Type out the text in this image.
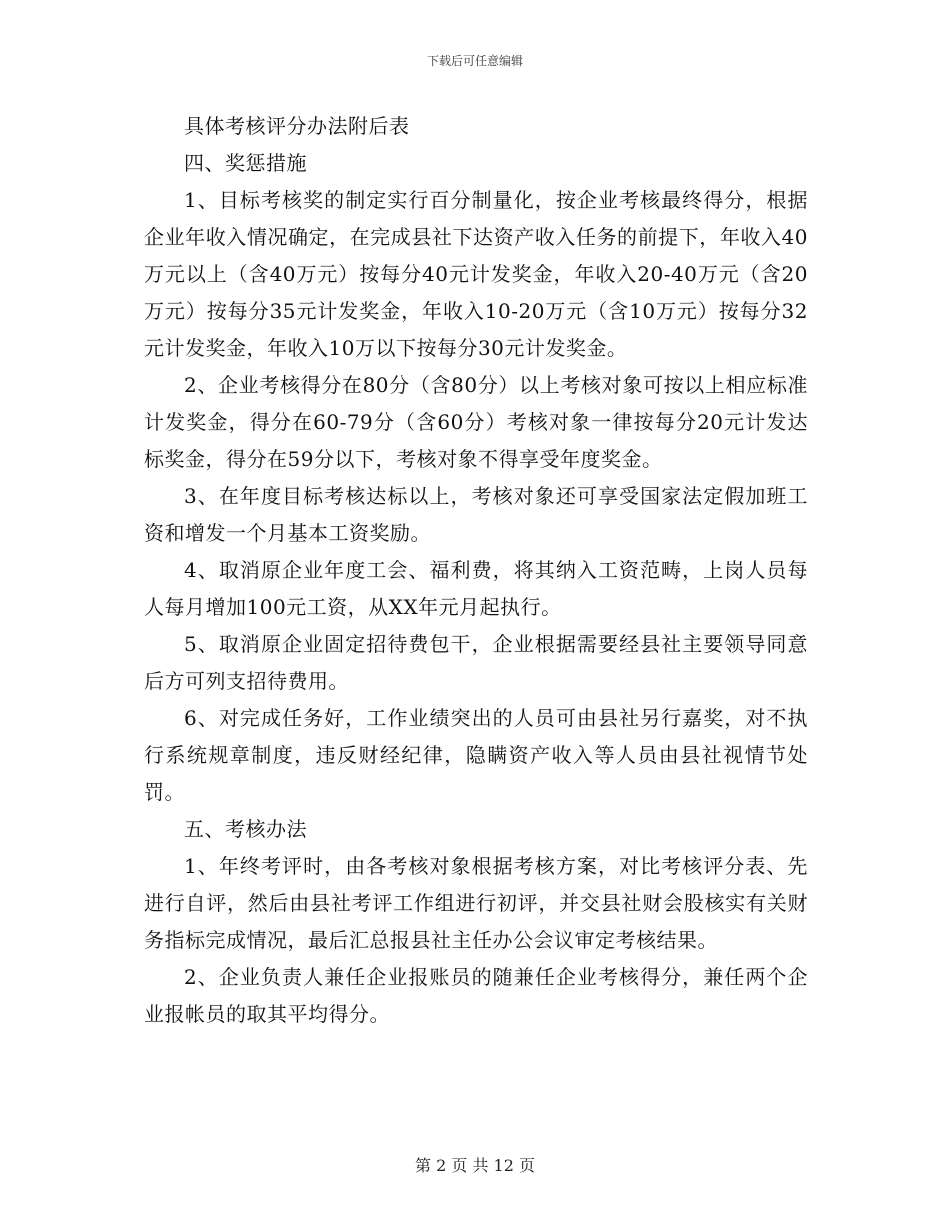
下载后可任意编辑

具体考核评分办法附后表

四、奖惩措施

1、目标考核奖的制定实行百分制量化，按企业考核最终得分，根据企业年收入情况确定，在完成县社下达资产收入任务的前提下，年收入40万元以上（含40万元）按每分40元计发奖金，年收入20-40万元（含20万元）按每分35元计发奖金，年收入10-20万元（含10万元）按每分32元计发奖金，年收入10万以下按每分30元计发奖金。

2、企业考核得分在80分（含80分）以上考核对象可按以上相应标准计发奖金，得分在60-79分（含60分）考核对象一律按每分20元计发达标奖金，得分在59分以下，考核对象不得享受年度奖金。

3、在年度目标考核达标以上，考核对象还可享受国家法定假加班工资和增发一个月基本工资奖励。

4、取消原企业年度工会、福利费，将其纳入工资范畴，上岗人员每人每月增加100元工资，从XX年元月起执行。

5、取消原企业固定招待费包干，企业根据需要经县社主要领导同意后方可列支招待费用。

6、对完成任务好，工作业绩突出的人员可由县社另行嘉奖，对不执行系统规章制度，违反财经纪律，隐瞒资产收入等人员由县社视情节处罚。

五、考核办法

1、年终考评时，由各考核对象根据考核方案，对比考核评分表、先进行自评，然后由县社考评工作组进行初评，并交县社财会股核实有关财务指标完成情况，最后汇总报县社主任办公会议审定考核结果。

2、企业负责人兼任企业报账员的随兼任企业考核得分，兼任两个企业报帐员的取其平均得分。

第 2 页 共 12 页
